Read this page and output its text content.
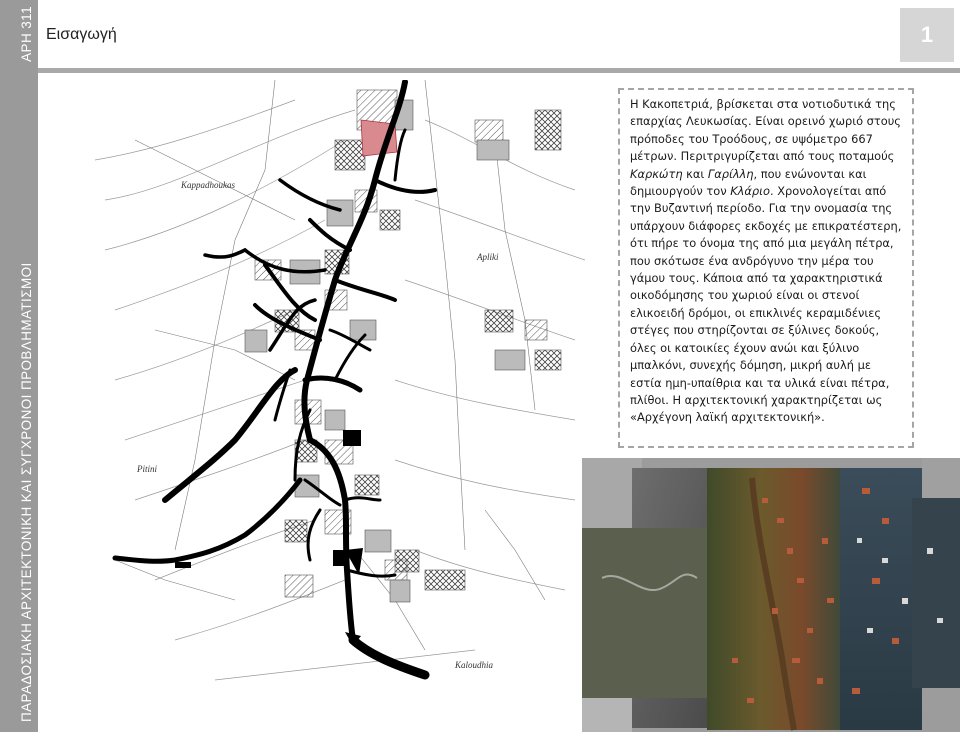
ΠΑΡΑΔΟΣΙΑΚΗ ΑΡΧΙΤΕΚΤΟΝΙΚΗ ΚΑΙ ΣΥΓΧΡΟΝΟΙ ΠΡΟΒΛΗΜΑΤΙΣΜΟΙ
ΑΡΗ 311 Εισαγωγή	1
Kappadhoukas
Apliki
Pitini
Kaloudhia
Η Κακοπετριά, βρίσκεται στα νοτιοδυτικά της επαρχίας Λευκωσίας. Είναι ορεινό χωριό στους πρόποδες του Τροόδους, σε υψόμετρο 667 μέτρων. Περιτριγυρίζεται από τους ποταμούς Καρκώτη και Γαρίλλη, που ενώνονται και δημιουργούν τον Κλάριο. Χρονολογείται από την Βυζαντινή περίοδο. Για την ονομασία της υπάρχουν διάφορες εκδοχές με επικρατέστερη, ότι πήρε το όνομα της από μια μεγάλη πέτρα, που σκότωσε ένα ανδρόγυνο την μέρα του γάμου τους. Κάποια από τα χαρακτηριστικά οικοδόμησης του χωριού είναι οι στενοί ελικοειδή δρόμοι, οι επικλινές κεραμιδένιες στέγες που στηρίζονται σε ξύλινες δοκούς, όλες οι κατοικίες έχουν ανώι και ξύλινο μπαλκόνι, συνεχής δόμηση, μικρή αυλή με εστία ημη-υπαίθρια και τα υλικά είναι πέτρα, πλίθοι. Η αρχιτεκτονική χαρακτηρίζεται ως «Αρχέγονη λαϊκή αρχιτεκτονική».
